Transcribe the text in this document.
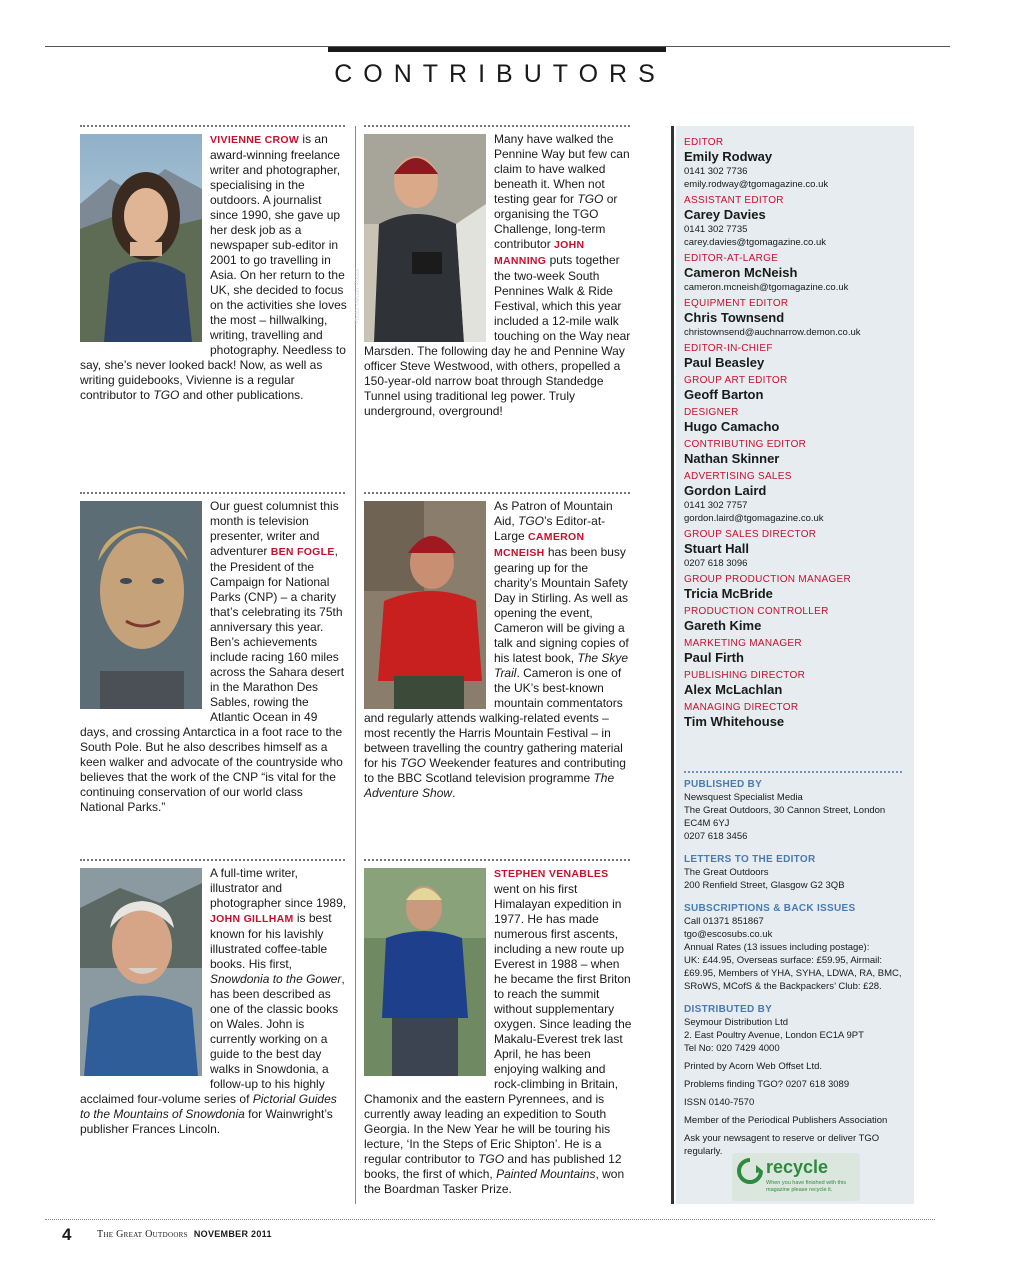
CONTRIBUTORS
VIVIENNE CROW is an award-winning freelance writer and photographer, specialising in the outdoors. A journalist since 1990, she gave up her desk job as a newspaper sub-editor in 2001 to go travelling in Asia. On her return to the UK, she decided to focus on the activities she loves the most – hillwalking, writing, travelling and photography. Needless to say, she’s never looked back! Now, as well as writing guidebooks, Vivienne is a regular contributor to TGO and other publications.
Photo: Alistair Pooler
Many have walked the Pennine Way but few can claim to have walked beneath it. When not testing gear for TGO or organising the TGO Challenge, long-term contributor JOHN MANNING puts together the two-week South Pennines Walk & Ride Festival, which this year included a 12-mile walk touching on the Way near Marsden. The following day he and Pennine Way officer Steve Westwood, with others, propelled a 150-year-old narrow boat through Standedge Tunnel using traditional leg power. Truly underground, overground!
Our guest columnist this month is television presenter, writer and adventurer BEN FOGLE, the President of the Campaign for National Parks (CNP) – a charity that’s celebrating its 75th anniversary this year. Ben’s achievements include racing 160 miles across the Sahara desert in the Marathon Des Sables, rowing the Atlantic Ocean in 49 days, and crossing Antarctica in a foot race to the South Pole. But he also describes himself as a keen walker and advocate of the countryside who believes that the work of the CNP “is vital for the continuing conservation of our world class National Parks.”
As Patron of Mountain Aid, TGO’s Editor-at-Large CAMERON MCNEISH has been busy gearing up for the charity’s Mountain Safety Day in Stirling. As well as opening the event, Cameron will be giving a talk and signing copies of his latest book, The Skye Trail. Cameron is one of the UK’s best-known mountain commentators and regularly attends walking-related events – most recently the Harris Mountain Festival – in between travelling the country gathering material for his TGO Weekender features and contributing to the BBC Scotland television programme The Adventure Show.
A full-time writer, illustrator and photographer since 1989, JOHN GILLHAM is best known for his lavishly illustrated coffee-table books. His first, Snowdonia to the Gower, has been described as one of the classic books on Wales. John is currently working on a guide to the best day walks in Snowdonia, a follow-up to his highly acclaimed four-volume series of Pictorial Guides to the Mountains of Snowdonia for Wainwright’s publisher Frances Lincoln.
STEPHEN VENABLES went on his first Himalayan expedition in 1977. He has made numerous first ascents, including a new route up Everest in 1988 – when he became the first Briton to reach the summit without supplementary oxygen. Since leading the Makalu-Everest trek last April, he has been enjoying walking and rock-climbing in Britain, Chamonix and the eastern Pyrennees, and is currently away leading an expedition to South Georgia. In the New Year he will be touring his lecture, ‘In the Steps of Eric Shipton’. He is a regular contributor to TGO and has published 12 books, the first of which, Painted Mountains, won the Boardman Tasker Prize.
EDITOR
Emily Rodway
0141 302 7736
emily.rodway@tgomagazine.co.uk
ASSISTANT EDITOR
Carey Davies
0141 302 7735
carey.davies@tgomagazine.co.uk
EDITOR-AT-LARGE
Cameron McNeish
cameron.mcneish@tgomagazine.co.uk
EQUIPMENT EDITOR
Chris Townsend
christownsend@auchnarrow.demon.co.uk
EDITOR-IN-CHIEF
Paul Beasley
GROUP ART EDITOR
Geoff Barton
DESIGNER
Hugo Camacho
CONTRIBUTING EDITOR
Nathan Skinner
ADVERTISING SALES
Gordon Laird
0141 302 7757
gordon.laird@tgomagazine.co.uk
GROUP SALES DIRECTOR
Stuart Hall
0207 618 3096
GROUP PRODUCTION MANAGER
Tricia McBride
PRODUCTION CONTROLLER
Gareth Kime
MARKETING MANAGER
Paul Firth
PUBLISHING DIRECTOR
Alex McLachlan
MANAGING DIRECTOR
Tim Whitehouse
PUBLISHED BY
Newsquest Specialist Media
The Great Outdoors, 30 Cannon Street, London EC4M 6YJ
0207 618 3456
LETTERS TO THE EDITOR
The Great Outdoors
200 Renfield Street, Glasgow G2 3QB
SUBSCRIPTIONS & BACK ISSUES
Call 01371 851867
tgo@escosubs.co.uk
Annual Rates (13 issues including postage):
UK: £44.95, Overseas surface: £59.95, Airmail: £69.95, Members of YHA, SYHA, LDWA, RA, BMC, SRoWS, MCofS & the Backpackers’ Club: £28.
DISTRIBUTED BY
Seymour Distribution Ltd
2. East Poultry Avenue, London EC1A 9PT
Tel No: 020 7429 4000
Printed by Acorn Web Offset Ltd.
Problems finding TGO? 0207 618 3089
ISSN 0140-7570
Member of the Periodical Publishers Association
Ask your newsagent to reserve or deliver TGO regularly.
recycle
When you have finished with this magazine please recycle it.
4	The Great Outdoors NOVEMBER 2011
